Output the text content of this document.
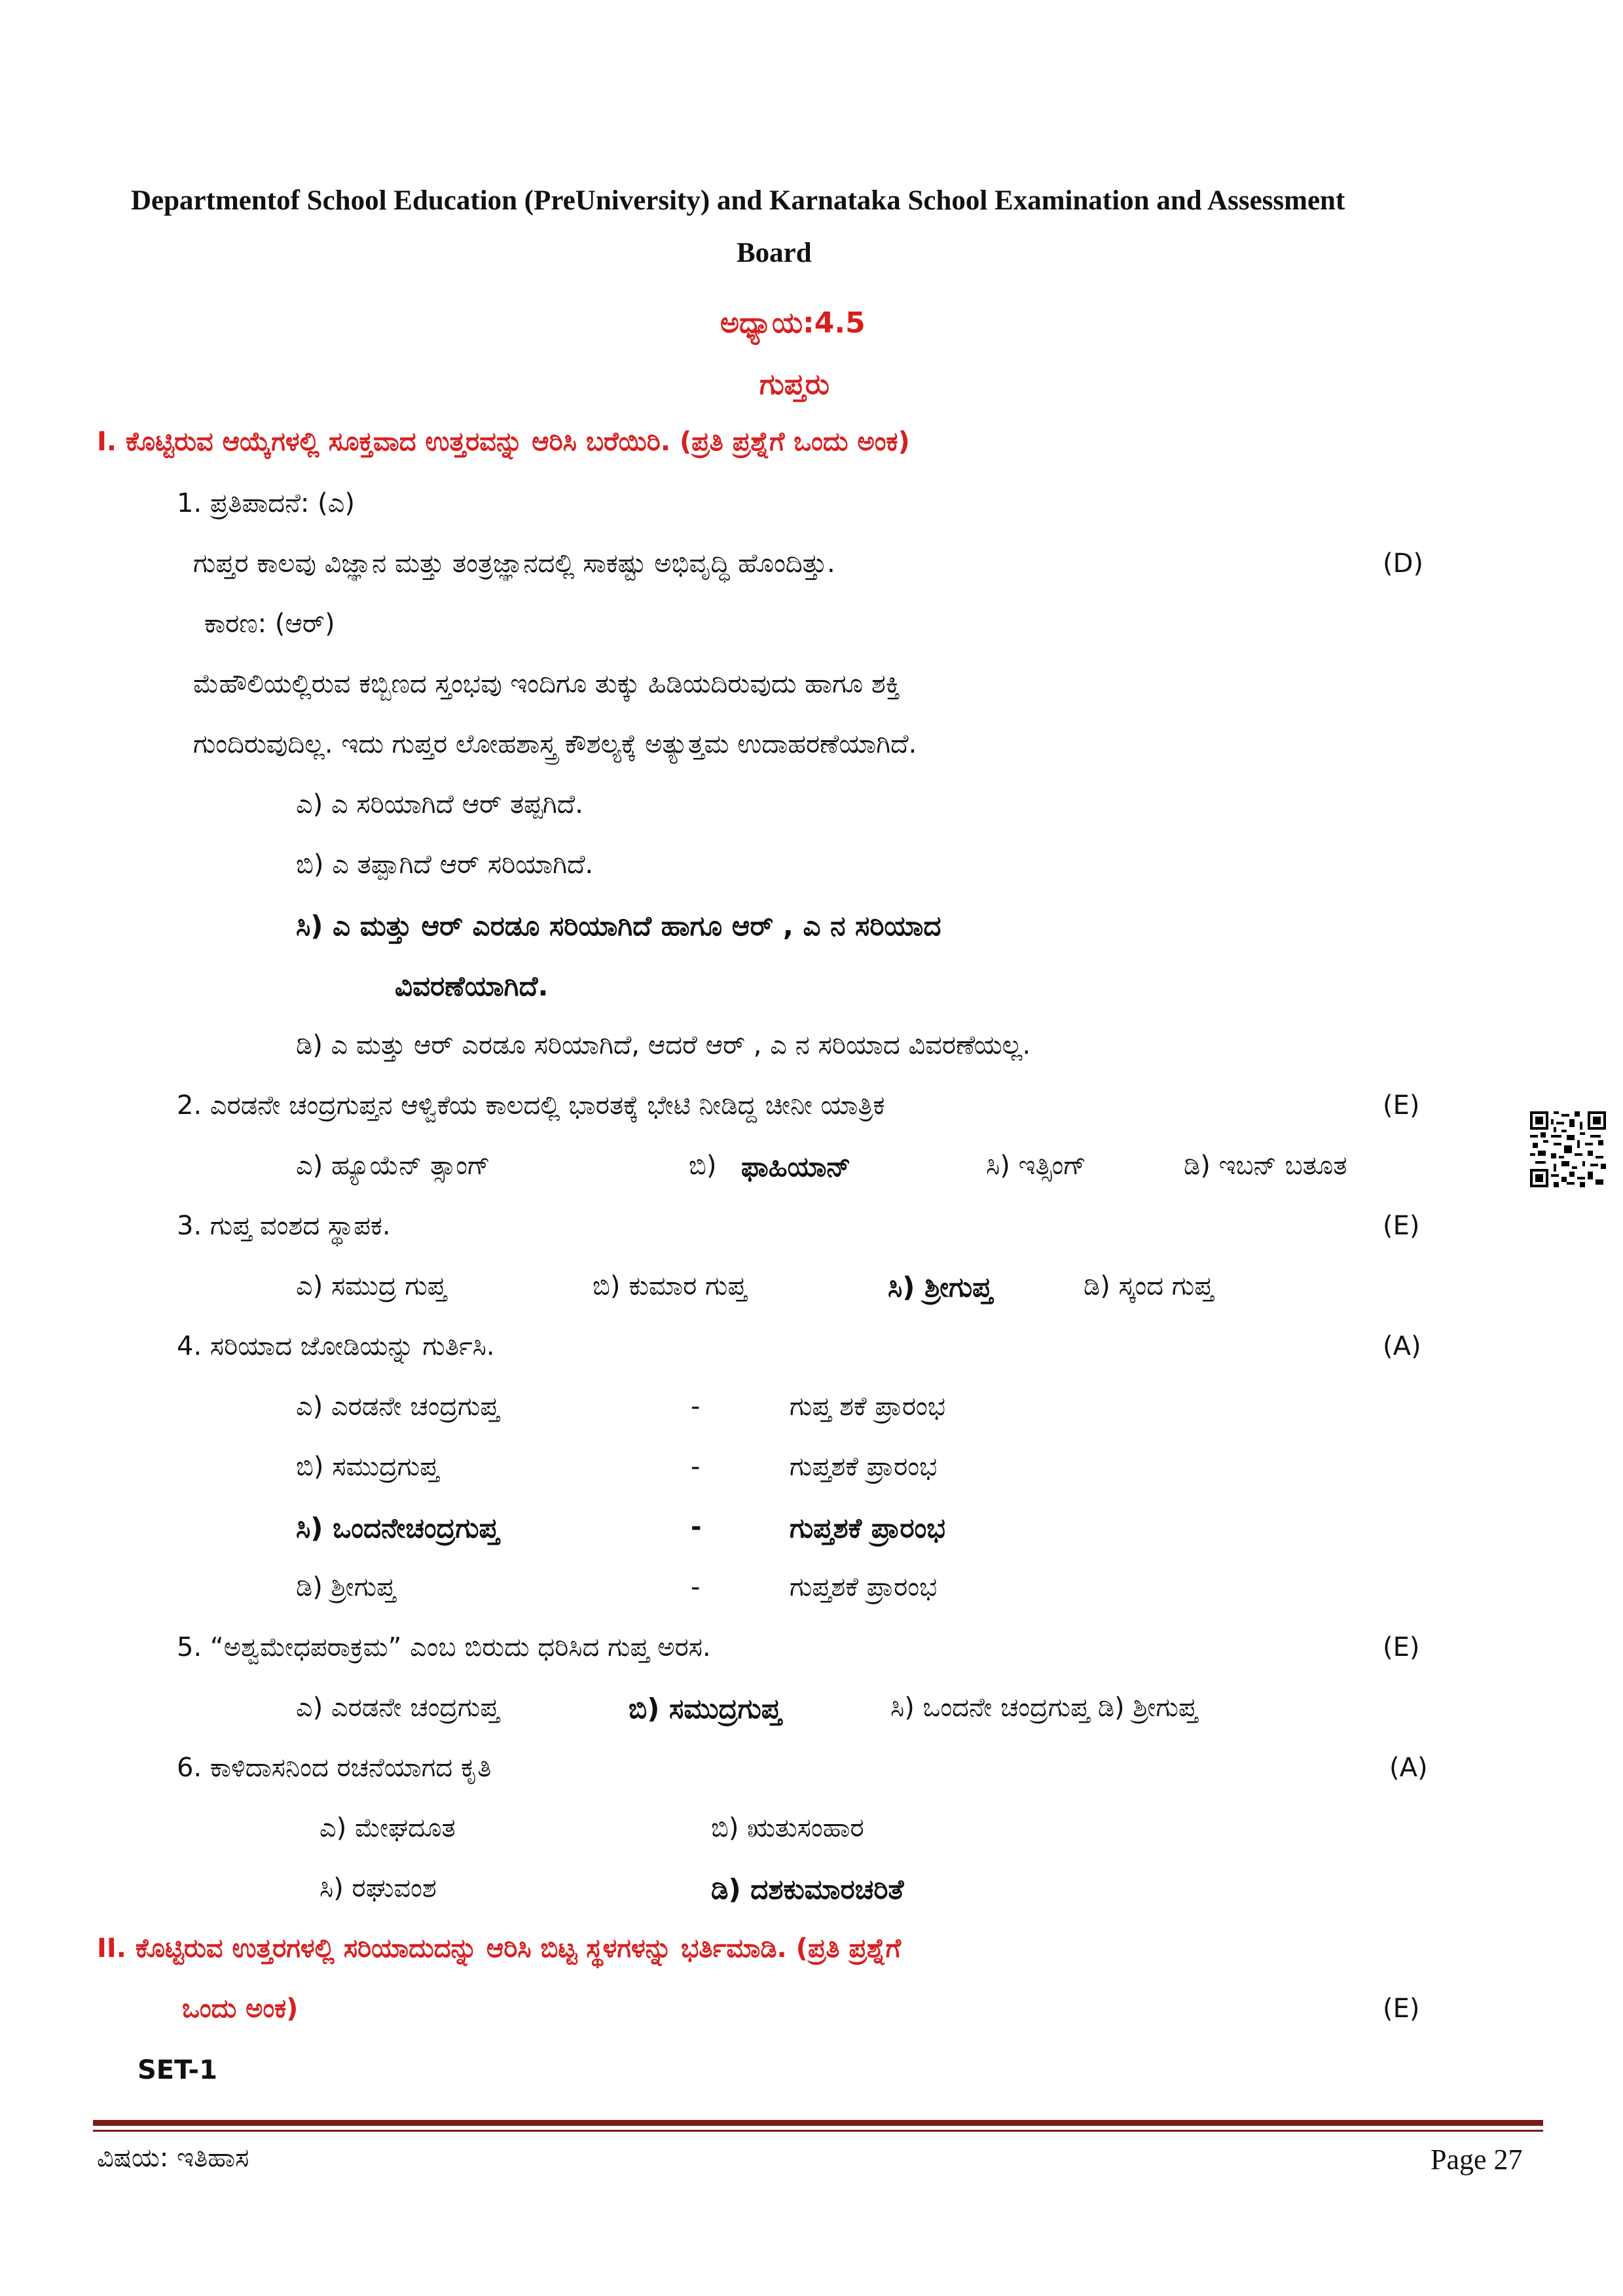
Departmentof School Education (PreUniversity) and Karnataka School Examination and Assessment
Board
ಅಧ್ಯಾಯ:4.5
ಗುಪ್ತರು
I. ಕೊಟ್ಟಿರುವ ಆಯ್ಕೆಗಳಲ್ಲಿ ಸೂಕ್ತವಾದ ಉತ್ತರವನ್ನು ಆರಿಸಿ ಬರೆಯಿರಿ. (ಪ್ರತಿ ಪ್ರಶ್ನೆಗೆ ಒಂದು ಅಂಕ)
1. ಪ್ರತಿಪಾದನೆ: (ಎ)
ಗುಪ್ತರ ಕಾಲವು ವಿಜ್ಞಾನ ಮತ್ತು ತಂತ್ರಜ್ಞಾನದಲ್ಲಿ ಸಾಕಷ್ಟು ಅಭಿವೃದ್ಧಿ ಹೊಂದಿತ್ತು.	(D)
ಕಾರಣ: (ಆರ್)
ಮೆಹೌಲಿಯಲ್ಲಿರುವ ಕಬ್ಬಿಣದ ಸ್ತಂಭವು ಇಂದಿಗೂ ತುಕ್ಕು ಹಿಡಿಯದಿರುವುದು ಹಾಗೂ ಶಕ್ತಿ
ಗುಂದಿರುವುದಿಲ್ಲ. ಇದು ಗುಪ್ತರ ಲೋಹಶಾಸ್ತ್ರ ಕೌಶಲ್ಯಕ್ಕೆ ಅತ್ಯುತ್ತಮ ಉದಾಹರಣೆಯಾಗಿದೆ.
ಎ) ಎ ಸರಿಯಾಗಿದೆ ಆರ್ ತಪ್ಪಗಿದೆ.
ಬಿ) ಎ ತಪ್ಪಾಗಿದೆ ಆರ್ ಸರಿಯಾಗಿದೆ.
ಸಿ) ಎ ಮತ್ತು ಆರ್ ಎರಡೂ ಸರಿಯಾಗಿದೆ ಹಾಗೂ ಆರ್ , ಎ ನ ಸರಿಯಾದ
ವಿವರಣೆಯಾಗಿದೆ.
ಡಿ) ಎ ಮತ್ತು ಆರ್ ಎರಡೂ ಸರಿಯಾಗಿದೆ, ಆದರೆ ಆರ್ , ಎ ನ ಸರಿಯಾದ ವಿವರಣೆಯಲ್ಲ.
2. ಎರಡನೇ ಚಂದ್ರಗುಪ್ತನ ಆಳ್ವಿಕೆಯ ಕಾಲದಲ್ಲಿ ಭಾರತಕ್ಕೆ ಭೇಟಿ ನೀಡಿದ್ದ ಚೀನೀ ಯಾತ್ರಿಕ	(E)
ಎ) ಹ್ಯೂಯೆನ್ ತ್ಸಾಂಗ್	ಬಿ) ಫಾಹಿಯಾನ್	ಸಿ) ಇತ್ಸಿಂಗ್	ಡಿ) ಇಬನ್ ಬತೂತ
3. ಗುಪ್ತ ವಂಶದ ಸ್ಥಾಪಕ.	(E)
ಎ) ಸಮುದ್ರ ಗುಪ್ತ	ಬಿ) ಕುಮಾರ ಗುಪ್ತ	ಸಿ) ಶ್ರೀಗುಪ್ತ	ಡಿ) ಸ್ಕಂದ ಗುಪ್ತ
4. ಸರಿಯಾದ ಜೋಡಿಯನ್ನು ಗುರ್ತಿಸಿ.	(A)
ಎ) ಎರಡನೇ ಚಂದ್ರಗುಪ್ತ	-	ಗುಪ್ತ ಶಕೆ ಪ್ರಾರಂಭ
ಬಿ) ಸಮುದ್ರಗುಪ್ತ	-	ಗುಪ್ತಶಕೆ ಪ್ರಾರಂಭ
ಸಿ) ಒಂದನೇಚಂದ್ರಗುಪ್ತ	-	ಗುಪ್ತಶಕೆ ಪ್ರಾರಂಭ
ಡಿ) ಶ್ರೀಗುಪ್ತ	-	ಗುಪ್ತಶಕೆ ಪ್ರಾರಂಭ
5. “ಅಶ್ವಮೇಧಪರಾಕ್ರಮ” ಎಂಬ ಬಿರುದು ಧರಿಸಿದ ಗುಪ್ತ ಅರಸ.	(E)
ಎ) ಎರಡನೇ ಚಂದ್ರಗುಪ್ತ	ಬಿ) ಸಮುದ್ರಗುಪ್ತ	ಸಿ) ಒಂದನೇ ಚಂದ್ರಗುಪ್ತ ಡಿ) ಶ್ರೀಗುಪ್ತ
6. ಕಾಳಿದಾಸನಿಂದ ರಚನೆಯಾಗದ ಕೃತಿ	(A)
ಎ) ಮೇಘದೂತ	ಬಿ) ಋತುಸಂಹಾರ
ಸಿ) ರಘುವಂಶ	ಡಿ) ದಶಕುಮಾರಚರಿತೆ
II. ಕೊಟ್ಟಿರುವ ಉತ್ತರಗಳಲ್ಲಿ ಸರಿಯಾದುದನ್ನು ಆರಿಸಿ ಬಿಟ್ಟ ಸ್ಥಳಗಳನ್ನು ಭರ್ತಿಮಾಡಿ. (ಪ್ರತಿ ಪ್ರಶ್ನೆಗೆ
ಒಂದು ಅಂಕ)	(E)
SET-1
ವಿಷಯ: ಇತಿಹಾಸ	Page 27
